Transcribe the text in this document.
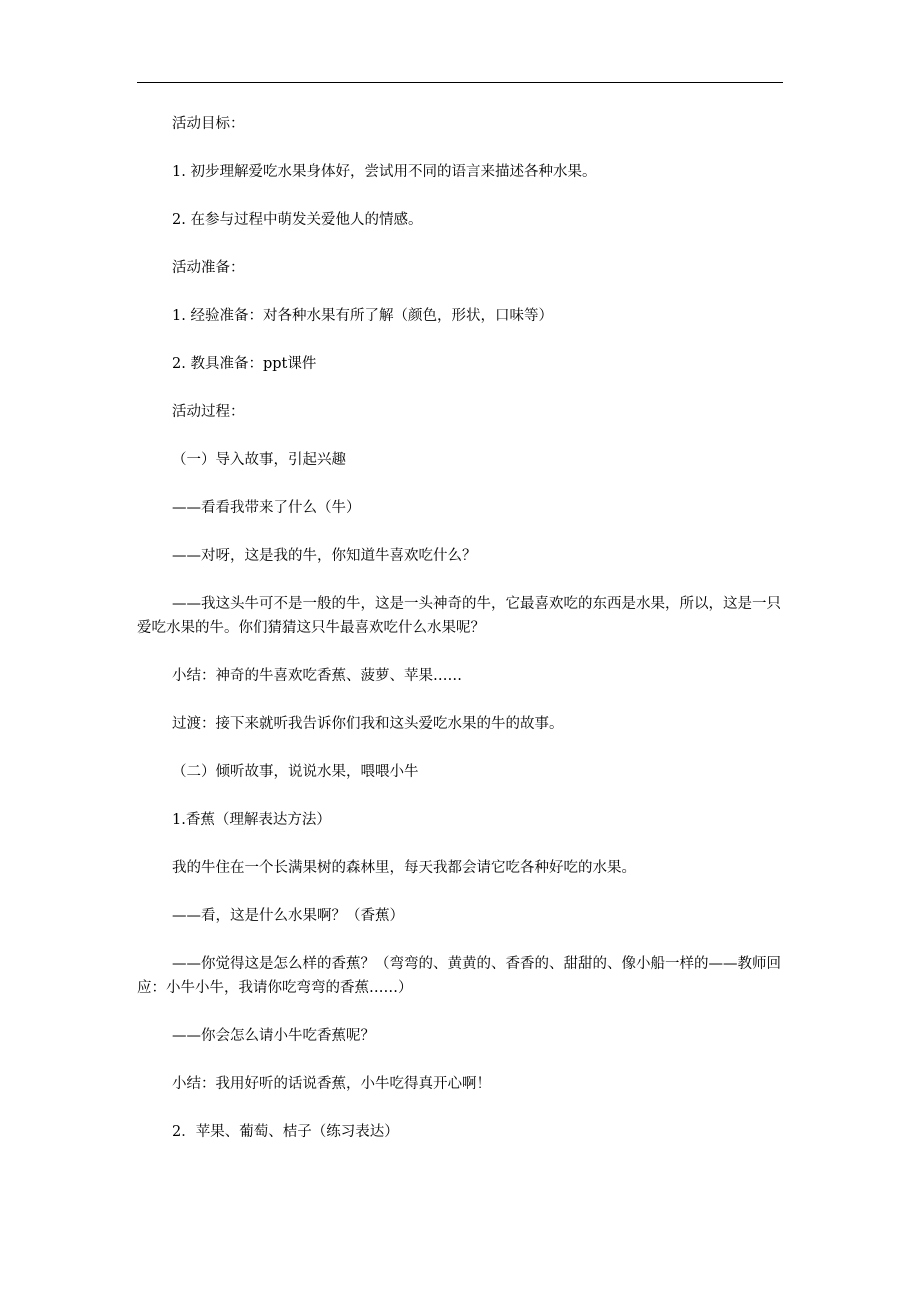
活动目标：

1. 初步理解爱吃水果身体好，尝试用不同的语言来描述各种水果。

2. 在参与过程中萌发关爱他人的情感。

活动准备：

1. 经验准备：对各种水果有所了解（颜色，形状，口味等）

2. 教具准备：ppt课件

活动过程：

（一）导入故事，引起兴趣

——看看我带来了什么（牛）

——对呀，这是我的牛，你知道牛喜欢吃什么？

——我这头牛可不是一般的牛，这是一头神奇的牛，它最喜欢吃的东西是水果，所以，这是一只爱吃水果的牛。你们猜猜这只牛最喜欢吃什么水果呢？

小结：神奇的牛喜欢吃香蕉、菠萝、苹果……

过渡：接下来就听我告诉你们我和这头爱吃水果的牛的故事。

（二）倾听故事，说说水果，喂喂小牛

1.香蕉（理解表达方法）

我的牛住在一个长满果树的森林里，每天我都会请它吃各种好吃的水果。

——看，这是什么水果啊？（香蕉）

——你觉得这是怎么样的香蕉？（弯弯的、黄黄的、香香的、甜甜的、像小船一样的——教师回应：小牛小牛，我请你吃弯弯的香蕉……）

——你会怎么请小牛吃香蕉呢？

小结：我用好听的话说香蕉，小牛吃得真开心啊！

2．苹果、葡萄、桔子（练习表达）
